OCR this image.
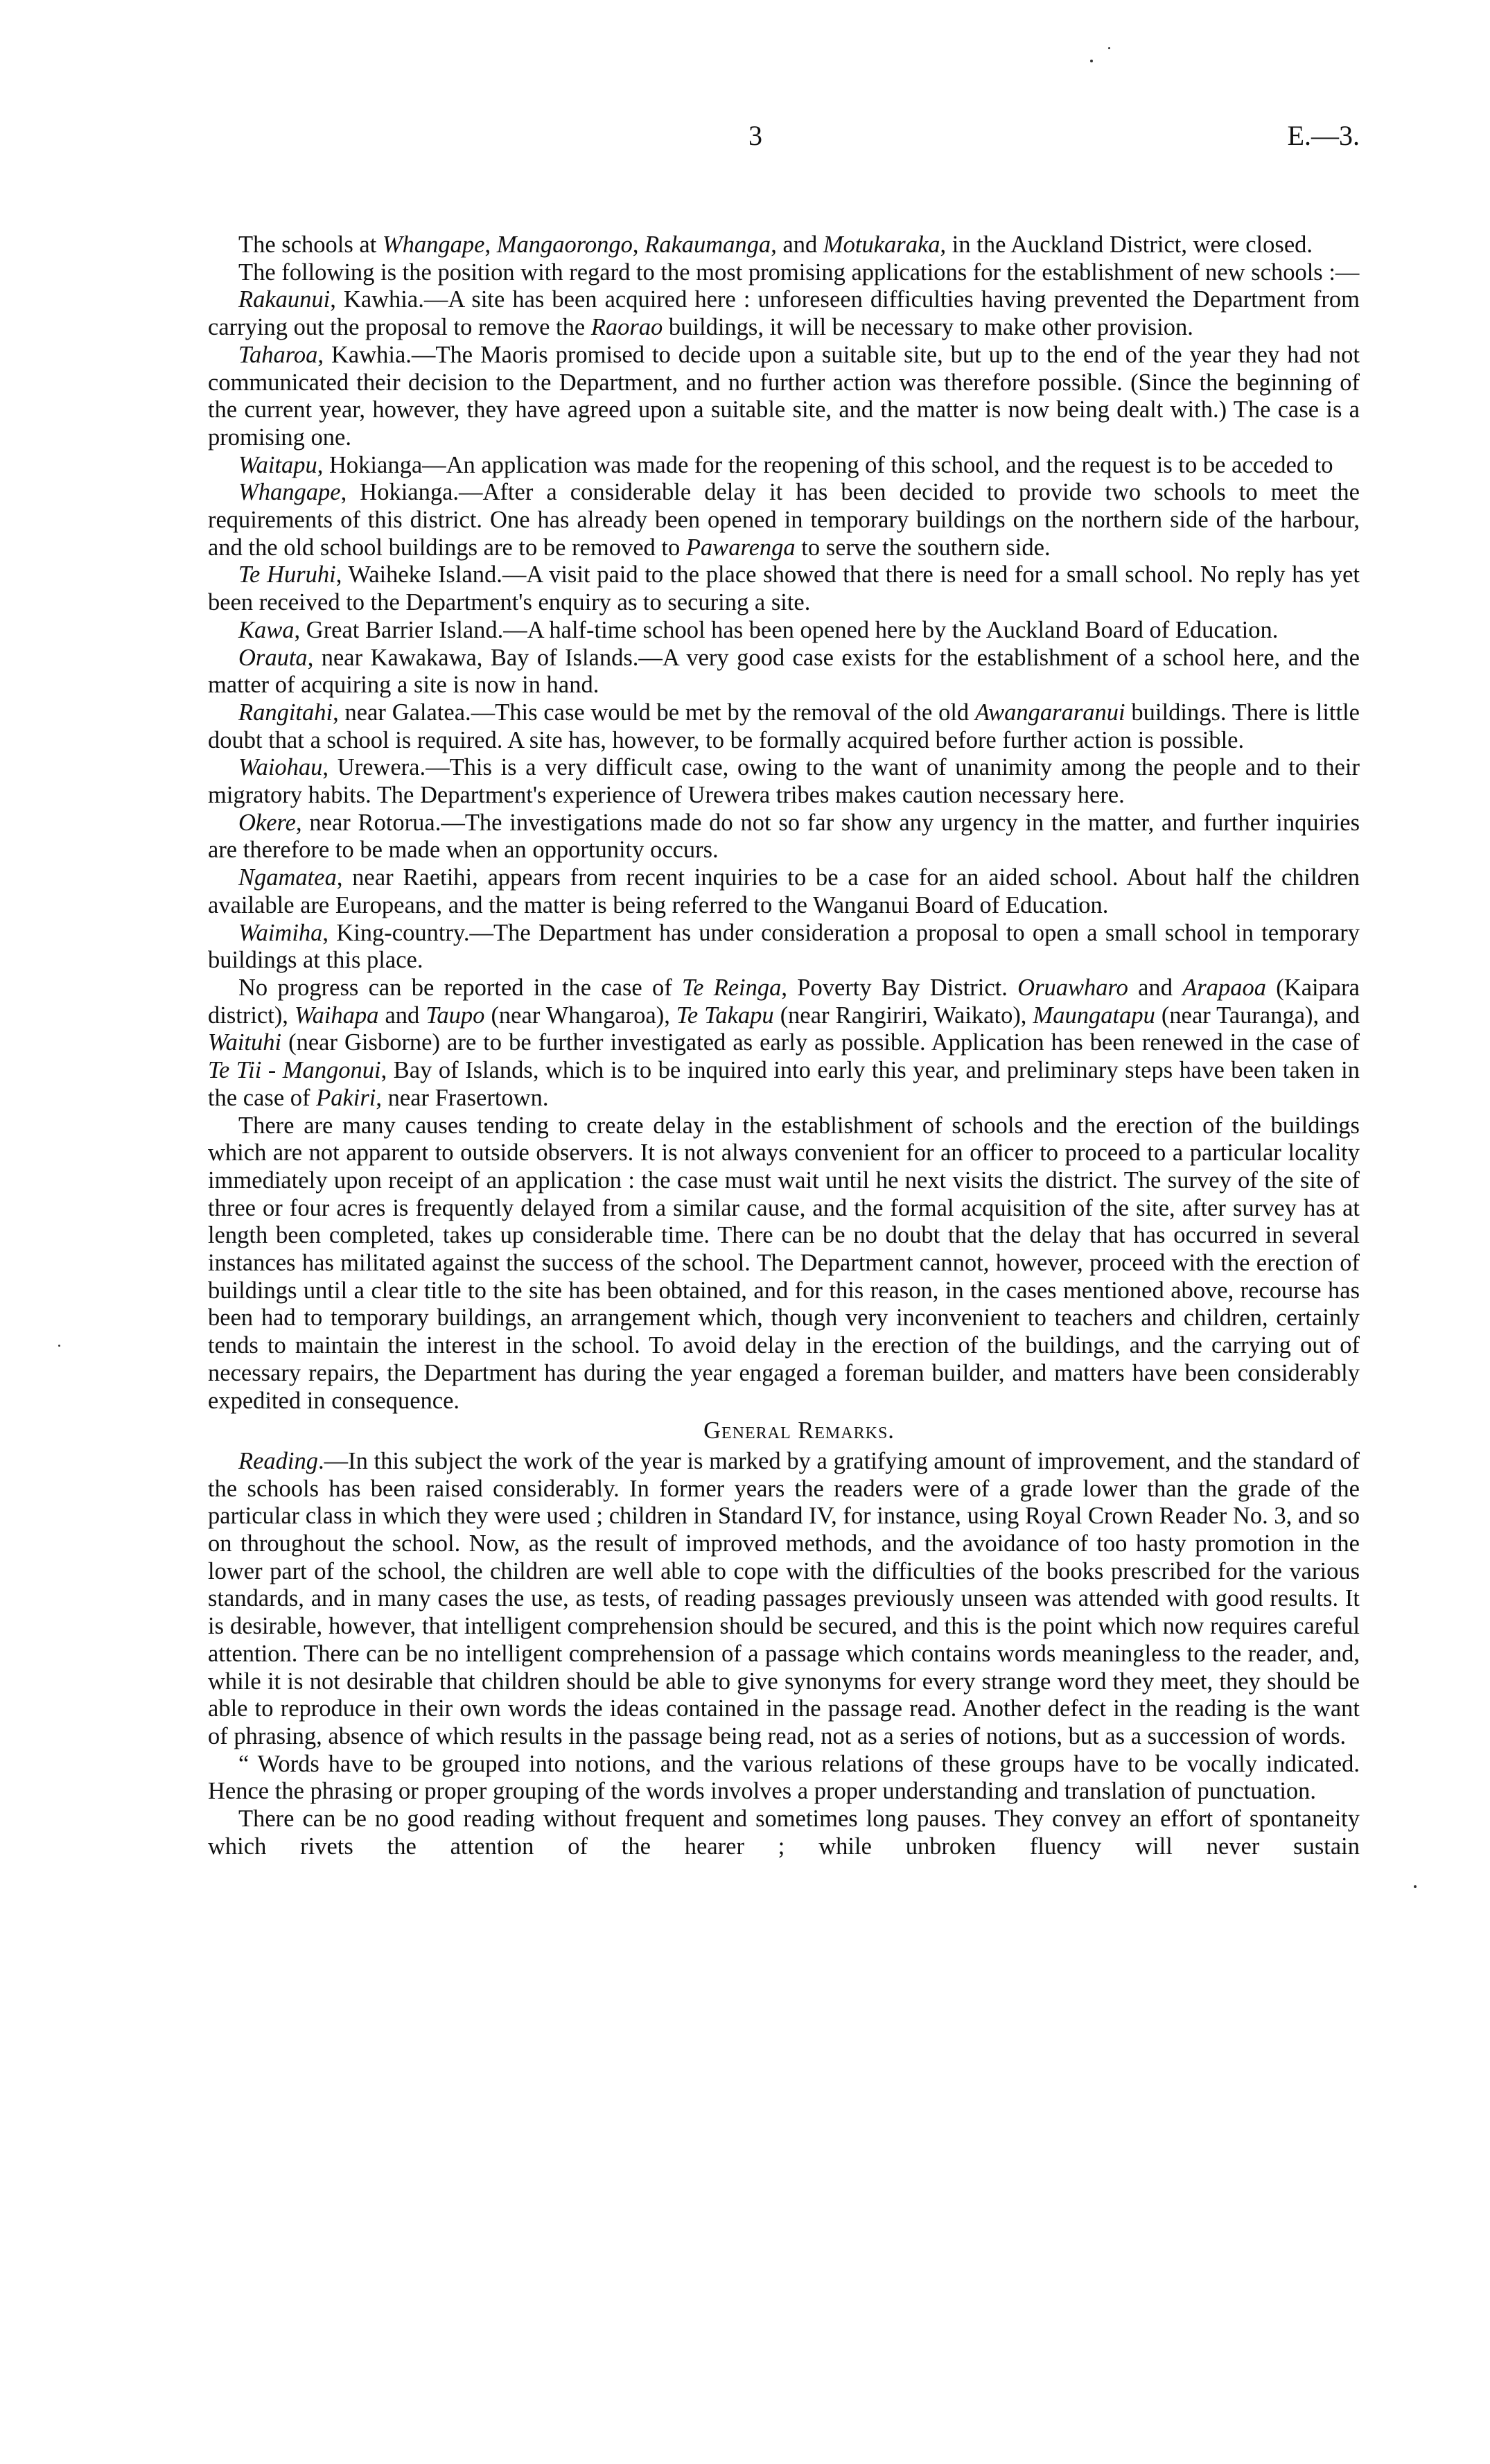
3	E.—3.

The schools at Whangape, Mangaorongo, Rakaumanga, and Motukaraka, in the Auckland District, were closed.

The following is the position with regard to the most promising applications for the establishment of new schools :—

Rakaunui, Kawhia.—A site has been acquired here : unforeseen difficulties having prevented the Department from carrying out the proposal to remove the Raorao buildings, it will be necessary to make other provision.

Taharoa, Kawhia.—The Maoris promised to decide upon a suitable site, but up to the end of the year they had not communicated their decision to the Department, and no further action was therefore possible. (Since the beginning of the current year, however, they have agreed upon a suitable site, and the matter is now being dealt with.) The case is a promising one.

Waitapu, Hokianga—An application was made for the reopening of this school, and the request is to be acceded to

Whangape, Hokianga.—After a considerable delay it has been decided to provide two schools to meet the requirements of this district. One has already been opened in temporary buildings on the northern side of the harbour, and the old school buildings are to be removed to Pawarenga to serve the southern side.

Te Huruhi, Waiheke Island.—A visit paid to the place showed that there is need for a small school. No reply has yet been received to the Department's enquiry as to securing a site.

Kawa, Great Barrier Island.—A half-time school has been opened here by the Auckland Board of Education.

Orauta, near Kawakawa, Bay of Islands.—A very good case exists for the establishment of a school here, and the matter of acquiring a site is now in hand.

Rangitahi, near Galatea.—This case would be met by the removal of the old Awangararanui buildings. There is little doubt that a school is required. A site has, however, to be formally acquired before further action is possible.

Waiohau, Urewera.—This is a very difficult case, owing to the want of unanimity among the people and to their migratory habits. The Department's experience of Urewera tribes makes caution necessary here.

Okere, near Rotorua.—The investigations made do not so far show any urgency in the matter, and further inquiries are therefore to be made when an opportunity occurs.

Ngamatea, near Raetihi, appears from recent inquiries to be a case for an aided school. About half the children available are Europeans, and the matter is being referred to the Wanganui Board of Education.

Waimiha, King-country.—The Department has under consideration a proposal to open a small school in temporary buildings at this place.

No progress can be reported in the case of Te Reinga, Poverty Bay District. Oruawharo and Arapaoa (Kaipara district), Waihapa and Taupo (near Whangaroa), Te Takapu (near Rangiriri, Waikato), Maungatapu (near Tauranga), and Waituhi (near Gisborne) are to be further investigated as early as possible. Application has been renewed in the case of Te Tii - Mangonui, Bay of Islands, which is to be inquired into early this year, and preliminary steps have been taken in the case of Pakiri, near Frasertown.

There are many causes tending to create delay in the establishment of schools and the erection of the buildings which are not apparent to outside observers. It is not always convenient for an officer to proceed to a particular locality immediately upon receipt of an application : the case must wait until he next visits the district. The survey of the site of three or four acres is frequently delayed from a similar cause, and the formal acquisition of the site, after survey has at length been completed, takes up considerable time. There can be no doubt that the delay that has occurred in several instances has militated against the success of the school. The Department cannot, however, proceed with the erection of buildings until a clear title to the site has been obtained, and for this reason, in the cases mentioned above, recourse has been had to temporary buildings, an arrangement which, though very inconvenient to teachers and children, certainly tends to maintain the interest in the school. To avoid delay in the erection of the buildings, and the carrying out of necessary repairs, the Department has during the year engaged a foreman builder, and matters have been considerably expedited in consequence.

General Remarks.

Reading.—In this subject the work of the year is marked by a gratifying amount of improvement, and the standard of the schools has been raised considerably. In former years the readers were of a grade lower than the grade of the particular class in which they were used ; children in Standard IV, for instance, using Royal Crown Reader No. 3, and so on throughout the school. Now, as the result of improved methods, and the avoidance of too hasty promotion in the lower part of the school, the children are well able to cope with the difficulties of the books prescribed for the various standards, and in many cases the use, as tests, of reading passages previously unseen was attended with good results. It is desirable, however, that intelligent comprehension should be secured, and this is the point which now requires careful attention. There can be no intelligent comprehension of a passage which contains words meaningless to the reader, and, while it is not desirable that children should be able to give synonyms for every strange word they meet, they should be able to reproduce in their own words the ideas contained in the passage read. Another defect in the reading is the want of phrasing, absence of which results in the passage being read, not as a series of notions, but as a succession of words.

“ Words have to be grouped into notions, and the various relations of these groups have to be vocally indicated. Hence the phrasing or proper grouping of the words involves a proper understanding and translation of punctuation.

There can be no good reading without frequent and sometimes long pauses. They convey an effort of spontaneity which rivets the attention of the hearer ; while unbroken fluency will never sustain
